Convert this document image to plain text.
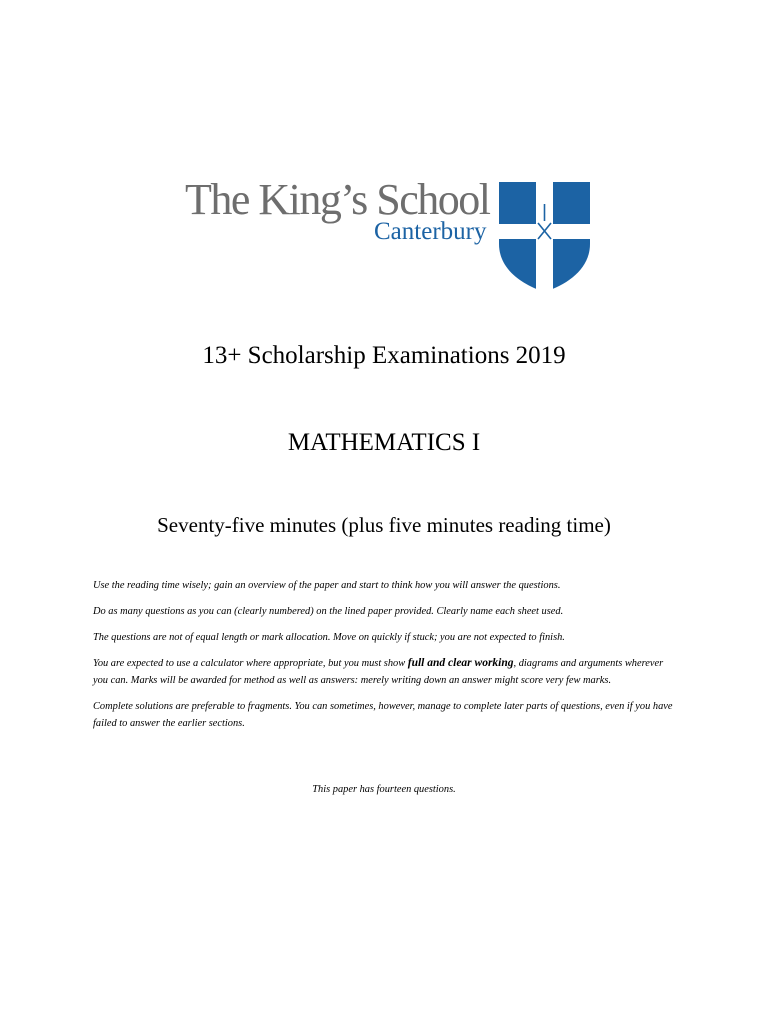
The King’s School
Canterbury
13+ Scholarship Examinations 2019
MATHEMATICS I
Seventy-five minutes (plus five minutes reading time)

Use the reading time wisely; gain an overview of the paper and start to think how you will answer the questions.

Do as many questions as you can (clearly numbered) on the lined paper provided. Clearly name each sheet used.

The questions are not of equal length or mark allocation. Move on quickly if stuck; you are not expected to finish.

You are expected to use a calculator where appropriate, but you must show full and clear working, diagrams and arguments wherever you can. Marks will be awarded for method as well as answers: merely writing down an answer might score very few marks.

Complete solutions are preferable to fragments. You can sometimes, however, manage to complete later parts of questions, even if you have failed to answer the earlier sections.

This paper has fourteen questions.
